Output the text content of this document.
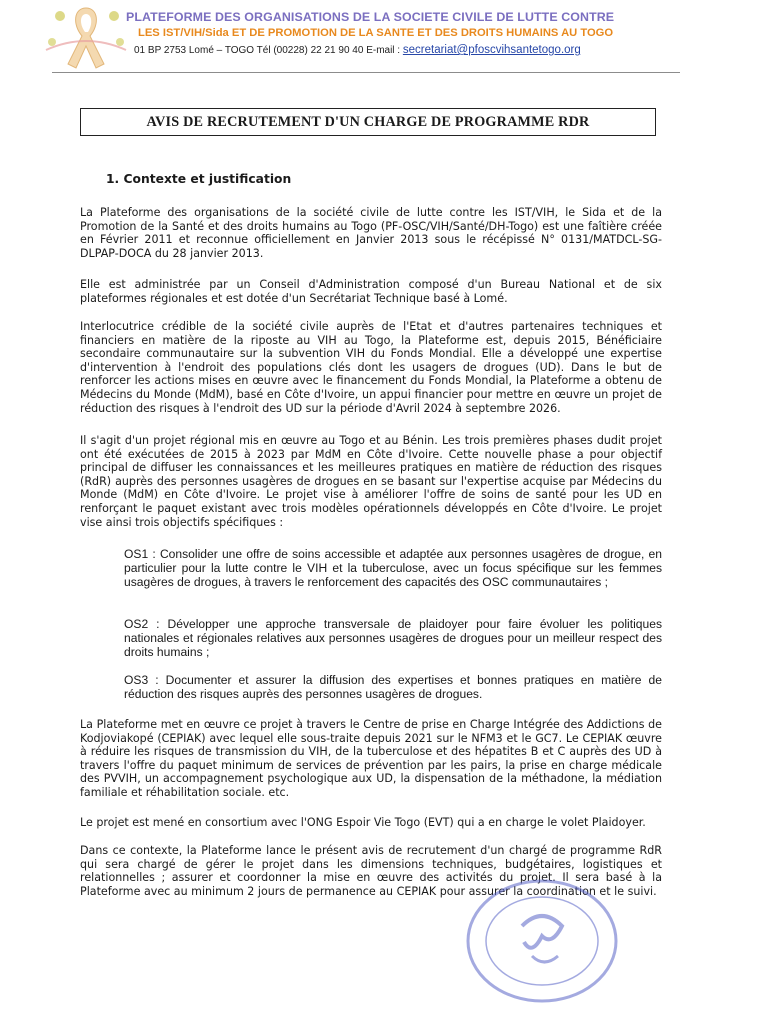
PLATEFORME DES ORGANISATIONS DE LA SOCIETE CIVILE DE LUTTE CONTRE
LES IST/VIH/Sida ET DE PROMOTION DE LA SANTE ET DES DROITS HUMAINS AU TOGO
01 BP 2753 Lomé – TOGO Tél (00228) 22 21 90 40 E-mail : secretariat@pfoscvihsantetogo.org
AVIS DE RECRUTEMENT D'UN CHARGE DE PROGRAMME RDR
1. Contexte et justification

La Plateforme des organisations de la société civile de lutte contre les IST/VIH, le Sida et de la Promotion de la Santé et des droits humains au Togo (PF-OSC/VIH/Santé/DH-Togo) est une faîtière créée en Février 2011 et reconnue officiellement en Janvier 2013 sous le récépissé N° 0131/MATDCL-SG-DLPAP-DOCA du 28 janvier 2013.

Elle est administrée par un Conseil d'Administration composé d'un Bureau National et de six plateformes régionales et est dotée d'un Secrétariat Technique basé à Lomé.

Interlocutrice crédible de la société civile auprès de l'Etat et d'autres partenaires techniques et financiers en matière de la riposte au VIH au Togo, la Plateforme est, depuis 2015, Bénéficiaire secondaire communautaire sur la subvention VIH du Fonds Mondial. Elle a développé une expertise d'intervention à l'endroit des populations clés dont les usagers de drogues (UD). Dans le but de renforcer les actions mises en œuvre avec le financement du Fonds Mondial, la Plateforme a obtenu de Médecins du Monde (MdM), basé en Côte d'Ivoire, un appui financier pour mettre en œuvre un projet de réduction des risques à l'endroit des UD sur la période d'Avril 2024 à septembre 2026.

Il s'agit d'un projet régional mis en œuvre au Togo et au Bénin. Les trois premières phases dudit projet ont été exécutées de 2015 à 2023 par MdM en Côte d'Ivoire. Cette nouvelle phase a pour objectif principal de diffuser les connaissances et les meilleures pratiques en matière de réduction des risques (RdR) auprès des personnes usagères de drogues en se basant sur l'expertise acquise par Médecins du Monde (MdM) en Côte d'Ivoire. Le projet vise à améliorer l'offre de soins de santé pour les UD en renforçant le paquet existant avec trois modèles opérationnels développés en Côte d'Ivoire. Le projet vise ainsi trois objectifs spécifiques :

OS1 : Consolider une offre de soins accessible et adaptée aux personnes usagères de drogue, en particulier pour la lutte contre le VIH et la tuberculose, avec un focus spécifique sur les femmes usagères de drogues, à travers le renforcement des capacités des OSC communautaires ;

OS2 : Développer une approche transversale de plaidoyer pour faire évoluer les politiques nationales et régionales relatives aux personnes usagères de drogues pour un meilleur respect des droits humains ;

OS3 : Documenter et assurer la diffusion des expertises et bonnes pratiques en matière de réduction des risques auprès des personnes usagères de drogues.

La Plateforme met en œuvre ce projet à travers le Centre de prise en Charge Intégrée des Addictions de Kodjoviakopé (CEPIAK) avec lequel elle sous-traite depuis 2021 sur le NFM3 et le GC7. Le CEPIAK œuvre à réduire les risques de transmission du VIH, de la tuberculose et des hépatites B et C auprès des UD à travers l'offre du paquet minimum de services de prévention par les pairs, la prise en charge médicale des PVVIH, un accompagnement psychologique aux UD, la dispensation de la méthadone, la médiation familiale et réhabilitation sociale. etc.

Le projet est mené en consortium avec l'ONG Espoir Vie Togo (EVT) qui a en charge le volet Plaidoyer.

Dans ce contexte, la Plateforme lance le présent avis de recrutement d'un chargé de programme RdR qui sera chargé de gérer le projet dans les dimensions techniques, budgétaires, logistiques et relationnelles ; assurer et coordonner la mise en œuvre des activités du projet. Il sera basé à la Plateforme avec au minimum 2 jours de permanence au CEPIAK pour assurer la coordination et le suivi.
